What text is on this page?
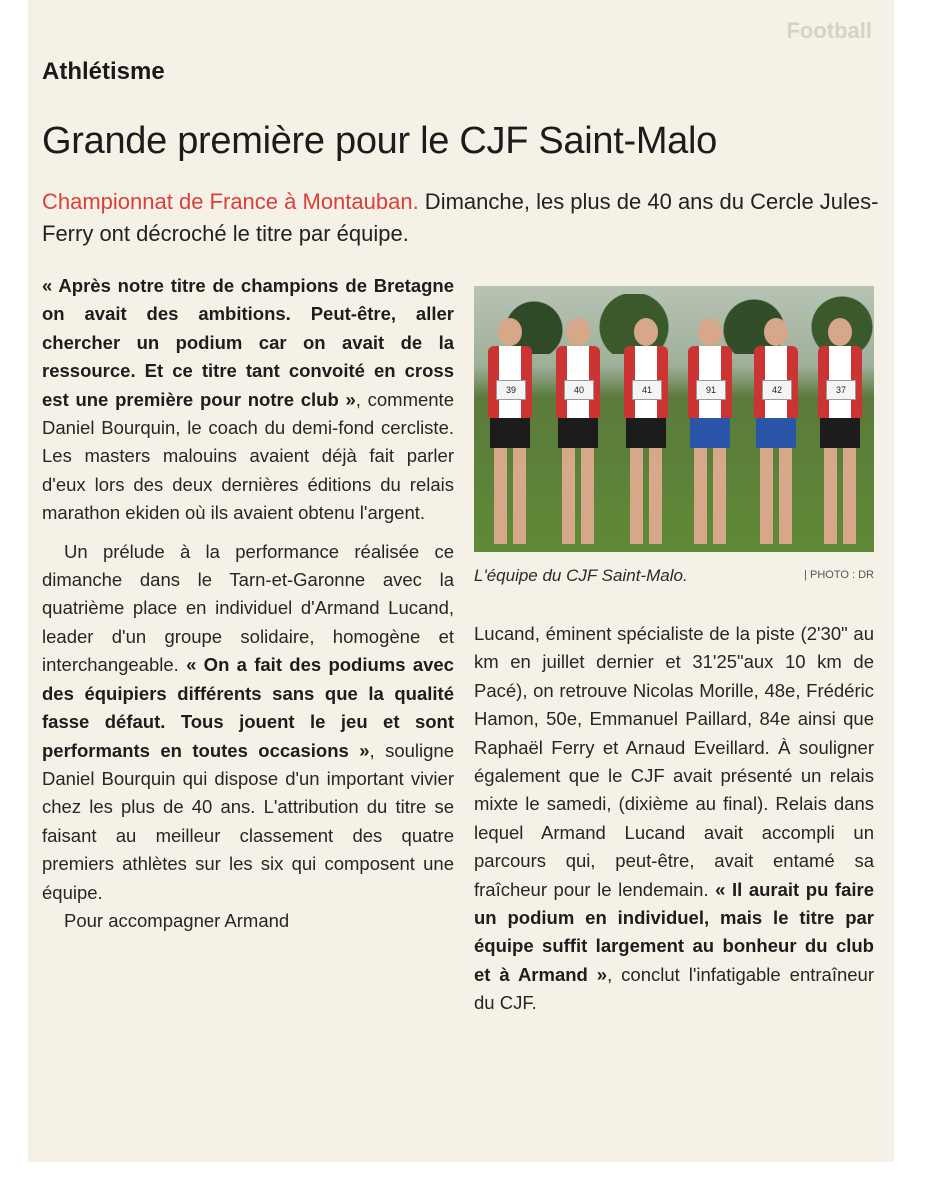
Football
Athlétisme
Grande première pour le CJF Saint-Malo
Championnat de France à Montauban. Dimanche, les plus de 40 ans du Cercle Jules-Ferry ont décroché le titre par équipe.

« Après notre titre de champions de Bretagne on avait des ambitions. Peut-être, aller chercher un podium car on avait de la ressource. Et ce titre tant convoité en cross est une première pour notre club », commente Daniel Bourquin, le coach du demi-fond cercliste. Les masters malouins avaient déjà fait parler d'eux lors des deux dernières éditions du relais marathon ekiden où ils avaient obtenu l'argent.

Un prélude à la performance réalisée ce dimanche dans le Tarn-et-Garonne avec la quatrième place en individuel d'Armand Lucand, leader d'un groupe solidaire, homogène et interchangeable. « On a fait des podiums avec des équipiers différents sans que la qualité fasse défaut. Tous jouent le jeu et sont performants en toutes occasions », souligne Daniel Bourquin qui dispose d'un important vivier chez les plus de 40 ans. L'attribution du titre se faisant au meilleur classement des quatre premiers athlètes sur les six qui composent une équipe.

Pour accompagner Armand

39	40	41	91	42	37
L'équipe du CJF Saint-Malo.	| PHOTO : DR

Lucand, éminent spécialiste de la piste (2'30" au km en juillet dernier et 31'25"aux 10 km de Pacé), on retrouve Nicolas Morille, 48e, Frédéric Hamon, 50e, Emmanuel Paillard, 84e ainsi que Raphaël Ferry et Arnaud Eveillard. À souligner également que le CJF avait présenté un relais mixte le samedi, (dixième au final). Relais dans lequel Armand Lucand avait accompli un parcours qui, peut-être, avait entamé sa fraîcheur pour le lendemain. « Il aurait pu faire un podium en individuel, mais le titre par équipe suffit largement au bonheur du club et à Armand », conclut l'infatigable entraîneur du CJF.
